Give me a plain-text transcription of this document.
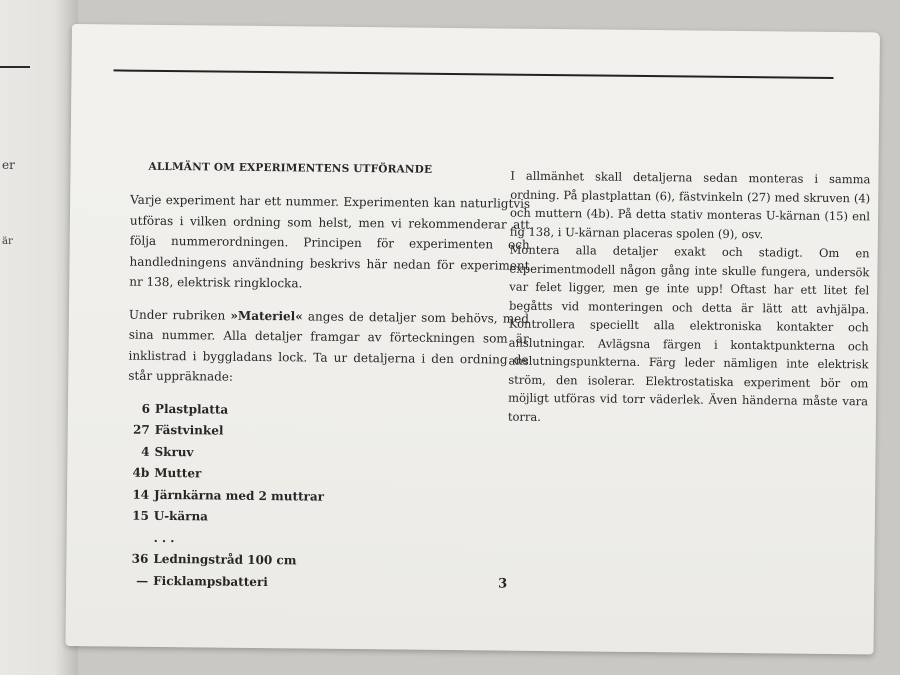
er
är
ALLMÄNT OM EXPERIMENTENS UTFÖRANDE

Varje experiment har ett nummer. Experimenten kan naturligtvis utföras i vilken ordning som helst, men vi rekommenderar att följa nummerordningen. Principen för experimenten och handledningens användning beskrivs här nedan för experiment nr 138, elektrisk ringklocka.

Under rubriken »Materiel« anges de detaljer som behövs, med sina nummer. Alla detaljer framgar av förteckningen som är inklistrad i byggladans lock. Ta ur detaljerna i den ordning de står uppräknade:

6 Plastplatta
27 Fästvinkel
4 Skruv
4b Mutter
14 Järnkärna med 2 muttrar
15 U-kärna
. . .
36 Ledningstråd 100 cm
— Ficklampsbatteri

I allmänhet skall detaljerna sedan monteras i samma ordning. På plastplattan (6), fästvinkeln (27) med skruven (4) och muttern (4b). På detta stativ monteras U-kärnan (15) enl fig 138, i U-kärnan placeras spolen (9), osv.

Montera alla detaljer exakt och stadigt. Om en experimentmodell någon gång inte skulle fungera, undersök var felet ligger, men ge inte upp! Oftast har ett litet fel begåtts vid monteringen och detta är lätt att avhjälpa. Kontrollera speciellt alla elektroniska kontakter och anslutningar. Avlägsna färgen i kontaktpunkterna och anslutningspunkterna. Färg leder nämligen inte elektrisk ström, den isolerar. Elektrostatiska experiment bör om möjligt utföras vid torr väderlek. Även händerna måste vara torra.

3
